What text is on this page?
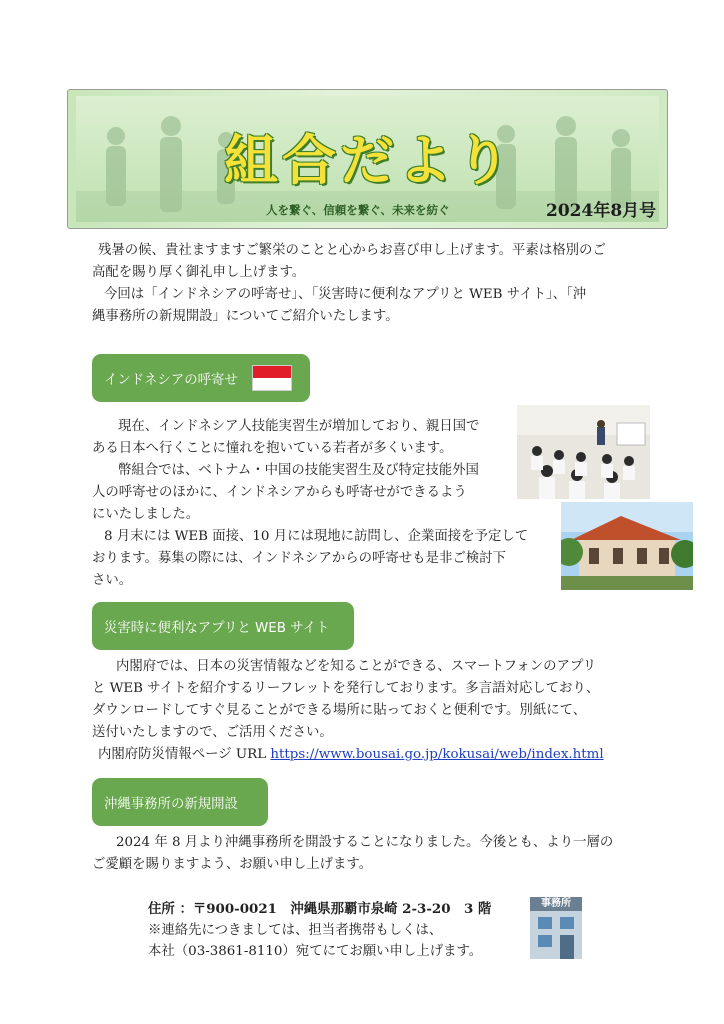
組合だより
人を繋ぐ、信頼を繋ぐ、未来を紡ぐ	2024年8月号
残暑の候、貴社ますますご繁栄のことと心からお喜び申し上げます。平素は格別のご
高配を賜り厚く御礼申し上げます。
今回は「インドネシアの呼寄せ」、「災害時に便利なアプリと WEB サイト」、「沖
縄事務所の新規開設」についてご紹介いたします。
インドネシアの呼寄せ
現在、インドネシア人技能実習生が増加しており、親日国で
ある日本へ行くことに憧れを抱いている若者が多くいます。
幣組合では、ベトナム・中国の技能実習生及び特定技能外国
人の呼寄せのほかに、インドネシアからも呼寄せができるよう
にいたしました。
8 月末には WEB 面接、10 月には現地に訪問し、企業面接を予定して
おります。募集の際には、インドネシアからの呼寄せも是非ご検討下
さい。
災害時に便利なアプリと WEB サイト
内閣府では、日本の災害情報などを知ることができる、スマートフォンのアプリ
と WEB サイトを紹介するリーフレットを発行しております。多言語対応しており、
ダウンロードしてすぐ見ることができる場所に貼っておくと便利です。別紙にて、
送付いたしますので、ご活用ください。
内閣府防災情報ページ URL https://www.bousai.go.jp/kokusai/web/index.html
沖縄事務所の新規開設
2024 年 8 月より沖縄事務所を開設することになりました。今後とも、より一層の
ご愛顧を賜りますよう、お願い申し上げます。
住所 ：〒900-0021　沖縄県那覇市泉崎 2-3-20　3 階
※連絡先につきましては、担当者携帯もしくは、
本社（03-3861-8110）宛てにてお願い申し上げます。
事務所
